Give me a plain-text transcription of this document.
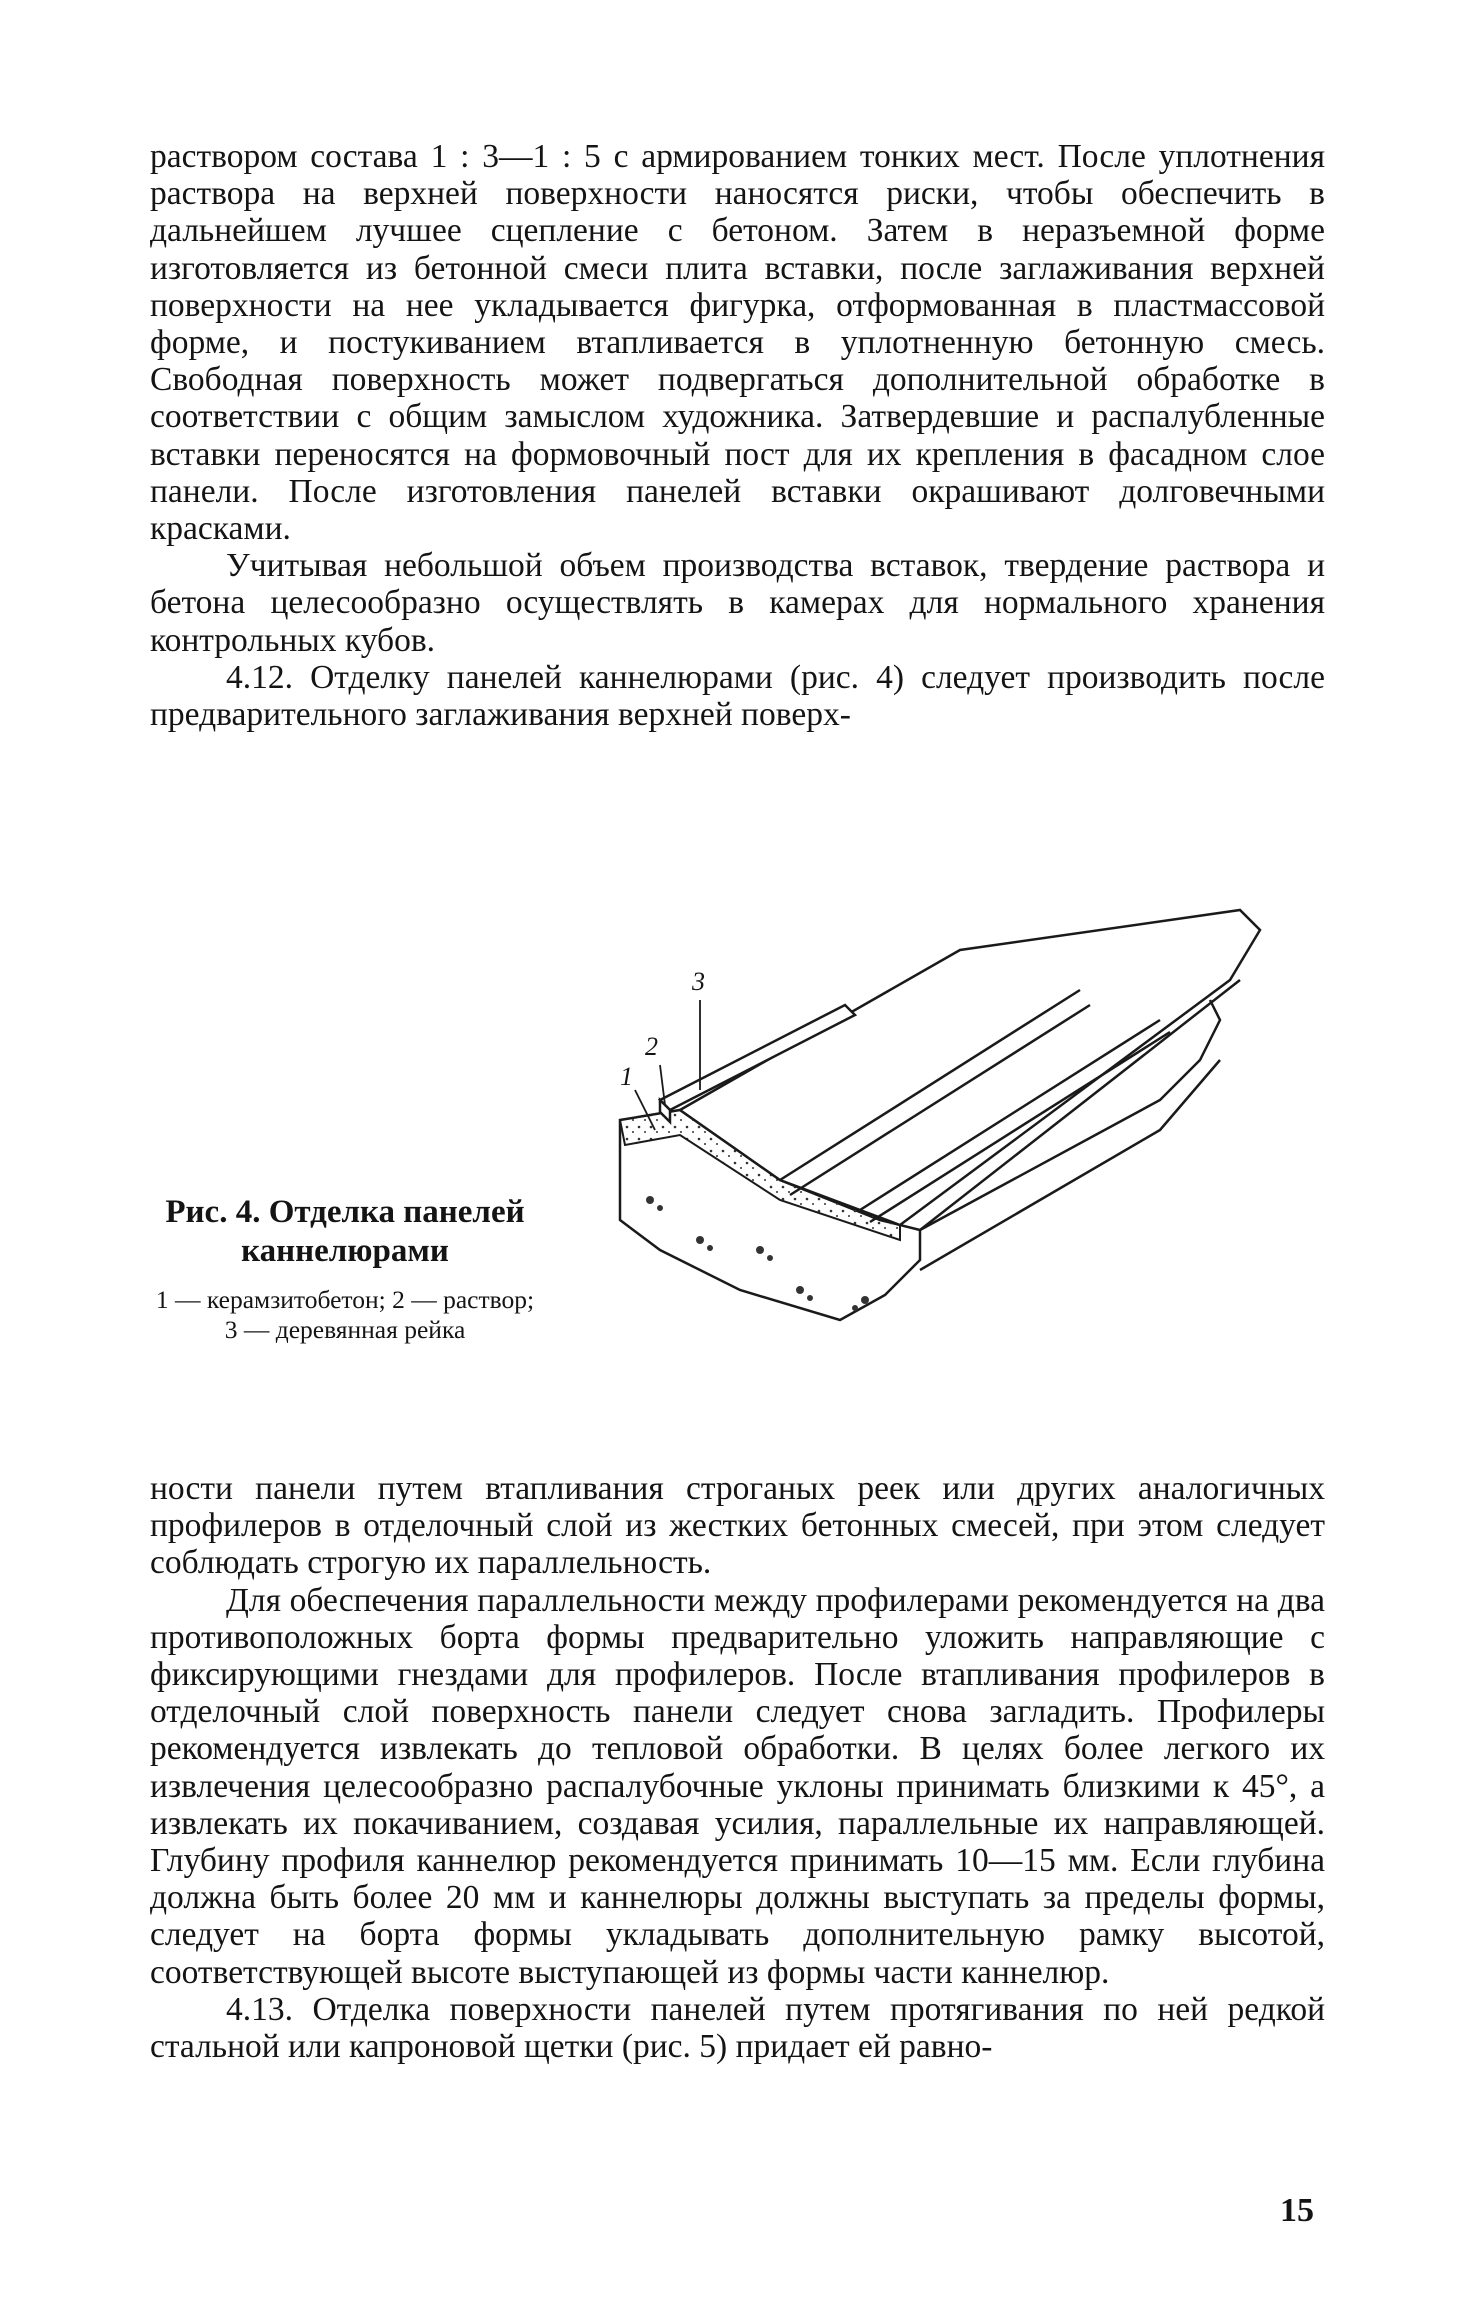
раствором состава 1 : 3—1 : 5 с армированием тонких мест. После уплотнения раствора на верхней поверхности наносятся риски, чтобы обеспечить в дальнейшем лучшее сцепление с бетоном. Затем в неразъемной форме изготовляется из бетонной смеси плита вставки, после заглаживания верхней поверхности на нее укладывается фигурка, отформованная в пластмассовой форме, и постукиванием втапливается в уплотненную бетонную смесь. Свободная поверхность может подвергаться дополнительной обработке в соответствии с общим замыслом художника. Затвердевшие и распалубленные вставки переносятся на формовочный пост для их крепления в фасадном слое панели. После изготовления панелей вставки окрашивают долговечными красками.

Учитывая небольшой объем производства вставок, твердение раствора и бетона целесообразно осуществлять в камерах для нормального хранения контрольных кубов.

4.12. Отделку панелей каннелюрами (рис. 4) следует производить после предварительного заглаживания верхней поверх-

1
2
3
Рис. 4. Отделка панелей каннелюрами
1 — керамзитобетон; 2 — раствор; 3 — деревянная рейка

ности панели путем втапливания строганых реек или других аналогичных профилеров в отделочный слой из жестких бетонных смесей, при этом следует соблюдать строгую их параллельность.

Для обеспечения параллельности между профилерами рекомендуется на два противоположных борта формы предварительно уложить направляющие с фиксирующими гнездами для профилеров. После втапливания профилеров в отделочный слой поверхность панели следует снова загладить. Профилеры рекомендуется извлекать до тепловой обработки. В целях более легкого их извлечения целесообразно распалубочные уклоны принимать близкими к 45°, а извлекать их покачиванием, создавая усилия, параллельные их направляющей. Глубину профиля каннелюр рекомендуется принимать 10—15 мм. Если глубина должна быть более 20 мм и каннелюры должны выступать за пределы формы, следует на борта формы укладывать дополнительную рамку высотой, соответствующей высоте выступающей из формы части каннелюр.

4.13. Отделка поверхности панелей путем протягивания по ней редкой стальной или капроновой щетки (рис. 5) придает ей равно-

15
